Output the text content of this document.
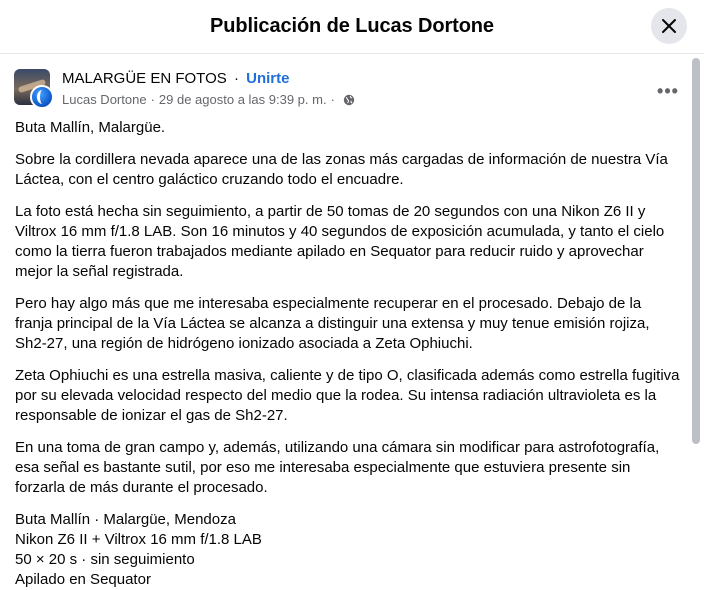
Publicación de Lucas Dortone
MALARGÜE EN FOTOS · Unirte
Lucas Dortone · 29 de agosto a las 9:39 p. m. ·	•••

Buta Mallín, Malargüe.

Sobre la cordillera nevada aparece una de las zonas más cargadas de información de nuestra Vía Láctea, con el centro galáctico cruzando todo el encuadre.

La foto está hecha sin seguimiento, a partir de 50 tomas de 20 segundos con una Nikon Z6 II y Viltrox 16 mm f/1.8 LAB. Son 16 minutos y 40 segundos de exposición acumulada, y tanto el cielo como la tierra fueron trabajados mediante apilado en Sequator para reducir ruido y aprovechar mejor la señal registrada.

Pero hay algo más que me interesaba especialmente recuperar en el procesado. Debajo de la franja principal de la Vía Láctea se alcanza a distinguir una extensa y muy tenue emisión rojiza, Sh2-27, una región de hidrógeno ionizado asociada a Zeta Ophiuchi.

Zeta Ophiuchi es una estrella masiva, caliente y de tipo O, clasificada además como estrella fugitiva por su elevada velocidad respecto del medio que la rodea. Su intensa radiación ultravioleta es la responsable de ionizar el gas de Sh2-27.

En una toma de gran campo y, además, utilizando una cámara sin modificar para astrofotografía, esa señal es bastante sutil, por eso me interesaba especialmente que estuviera presente sin forzarla de más durante el procesado.

Buta Mallín · Malargüe, Mendoza

Nikon Z6 II + Viltrox 16 mm f/1.8 LAB

50 × 20 s · sin seguimiento

Apilado en Sequator
